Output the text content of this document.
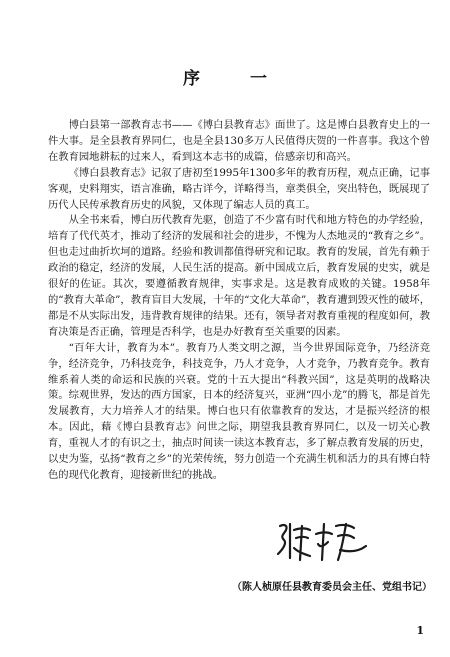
序 一

博白县第一部教育志书——《博白县教育志》面世了。这是博白县教育史上的一件大事。是全县教育界同仁，也是全县130多万人民值得庆贺的一件喜事。我这个曾在教育园地耕耘的过来人，看到这本志书的成篇，倍感亲切和高兴。

《博白县教育志》记叙了唐初至1995年1300多年的教育历程，观点正确，记事客观，史料翔实，语言准确，略古详今，详略得当，章类俱全，突出特色，既展现了历代人民传承教育历史的风貌，又体现了编志人员的真工。

从全书来看，博白历代教育先驱，创造了不少富有时代和地方特色的办学经验，培育了代代英才，推动了经济的发展和社会的进步，不愧为人杰地灵的“教育之乡”。但也走过曲折坎坷的道路。经验和教训都值得研究和记取。教育的发展，首先有赖于政治的稳定，经济的发展，人民生活的提高。新中国成立后，教育发展的史实，就是很好的佐证。其次，要遵循教育规律，实事求是。这是教育成败的关键。1958年的“教育大革命”，教育盲目大发展，十年的“文化大革命”，教育遭到毁灭性的破坏，都是不从实际出发，违背教育规律的结果。还有，领导者对教育重视的程度如何，教育决策是否正确，管理是否科学，也是办好教育至关重要的因素。

“百年大计，教育为本”。教育乃人类文明之源，当今世界国际竞争，乃经济竞争，经济竞争，乃科技竞争，科技竞争，乃人才竞争，人才竞争，乃教育竞争。教育维系着人类的命运和民族的兴衰。党的十五大提出“科教兴国”，这是英明的战略决策。综观世界，发达的西方国家，日本的经济复兴，亚洲“四小龙”的腾飞，都是首先发展教育，大力培养人才的结果。博白也只有依靠教育的发达，才是振兴经济的根本。因此，藉《博白县教育志》问世之际，期望我县教育界同仁，以及一切关心教育，重视人才的有识之士，抽点时间读一读这本教育志，多了解点教育发展的历史，以史为鉴，弘扬“教育之乡”的光荣传统，努力创造一个充满生机和活力的具有博白特色的现代化教育，迎接新世纪的挑战。

（陈人桢原任县教育委员会主任、党组书记）
1
